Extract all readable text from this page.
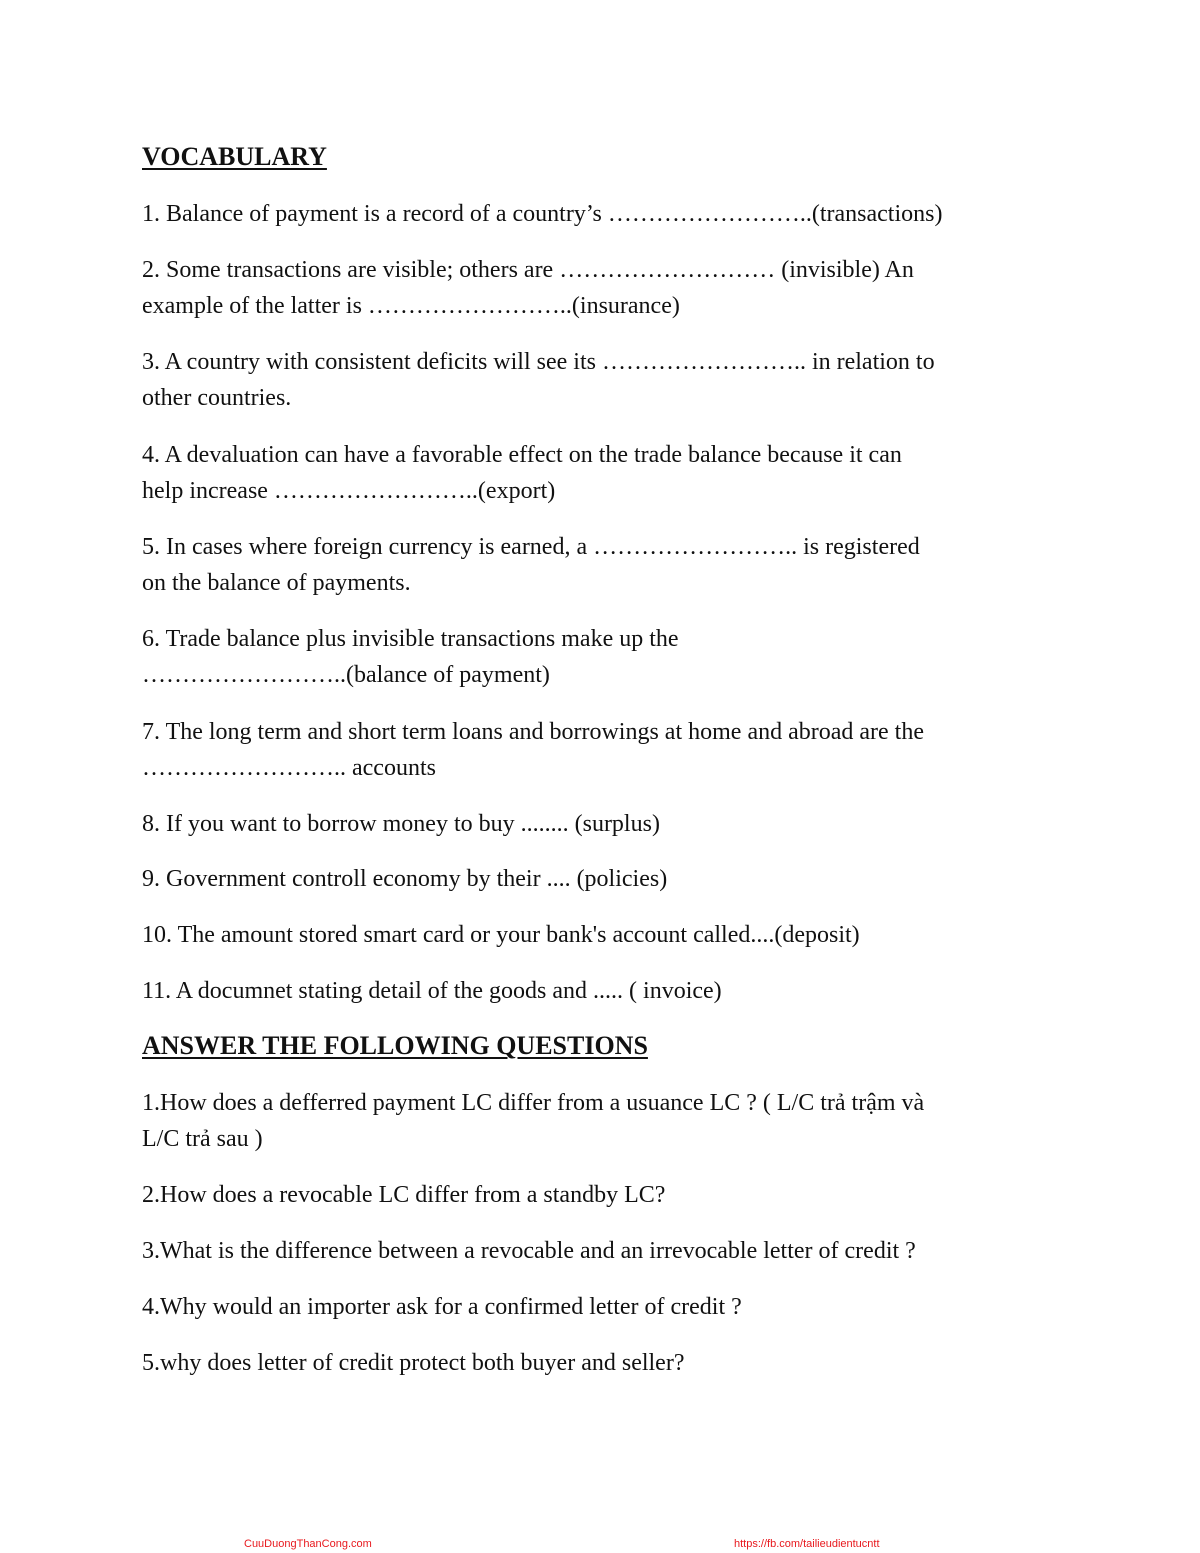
VOCABULARY
1. Balance of payment is a record of a country’s ……………………..(transactions)
2. Some transactions are visible; others are ……………………… (invisible) An
example of the latter is ……………………..(insurance)
3. A country with consistent deficits will see its …………………….. in relation to
other countries.
4. A devaluation can have a favorable effect on the trade balance because it can
help increase ……………………..(export)
5. In cases where foreign currency is earned, a …………………….. is registered
on the balance of payments.
6. Trade balance plus invisible transactions make up the
……………………..(balance of payment)
7. The long term and short term loans and borrowings at home and abroad are the
…………………….. accounts
8. If you want to borrow money to buy ........ (surplus)
9. Government controll economy by their .... (policies)
10. The amount stored smart card or your bank's account called....(deposit)
11. A documnet stating detail of the goods and ..... ( invoice)
ANSWER THE FOLLOWING QUESTIONS
1.How does a defferred payment LC differ from a usuance LC ? ( L/C trả trậm và
L/C trả sau )
2.How does a revocable LC differ from a standby LC?
3.What is the difference between a revocable and an irrevocable letter of credit ?
4.Why would an importer ask for a confirmed letter of credit ?
5.why does letter of credit protect both buyer and seller?
CuuDuongThanCong.com	https://fb.com/tailieudientucntt
